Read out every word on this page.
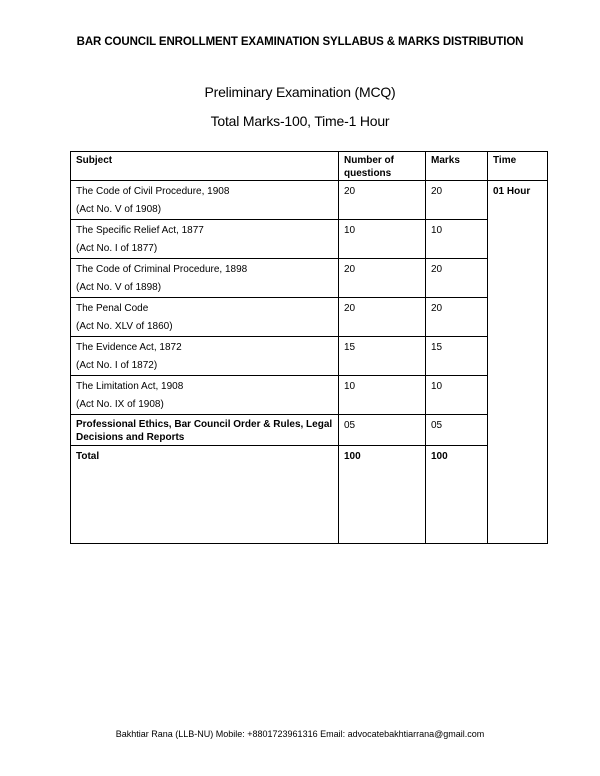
BAR COUNCIL ENROLLMENT EXAMINATION SYLLABUS & MARKS DISTRIBUTION
Preliminary Examination (MCQ)
Total Marks-100, Time-1 Hour
Subject	Number of questions	Marks	Time

The Code of Civil Procedure, 1908
(Act No. V of 1908)	20	20	01 Hour

The Specific Relief Act, 1877
(Act No. I of 1877)	10	10	

The Code of Criminal Procedure, 1898
(Act No. V of 1898)	20	20	

The Penal Code
(Act No. XLV of 1860)	20	20	

The Evidence Act, 1872
(Act No. I of 1872)	15	15	

The Limitation Act, 1908
(Act No. IX of 1908)	10	10	

Professional Ethics, Bar Council Order & Rules, Legal Decisions and Reports	05	05	
Total	100	100	
Bakhtiar Rana (LLB-NU) Mobile: +8801723961316 Email: advocatebakhtiarrana@gmail.com
